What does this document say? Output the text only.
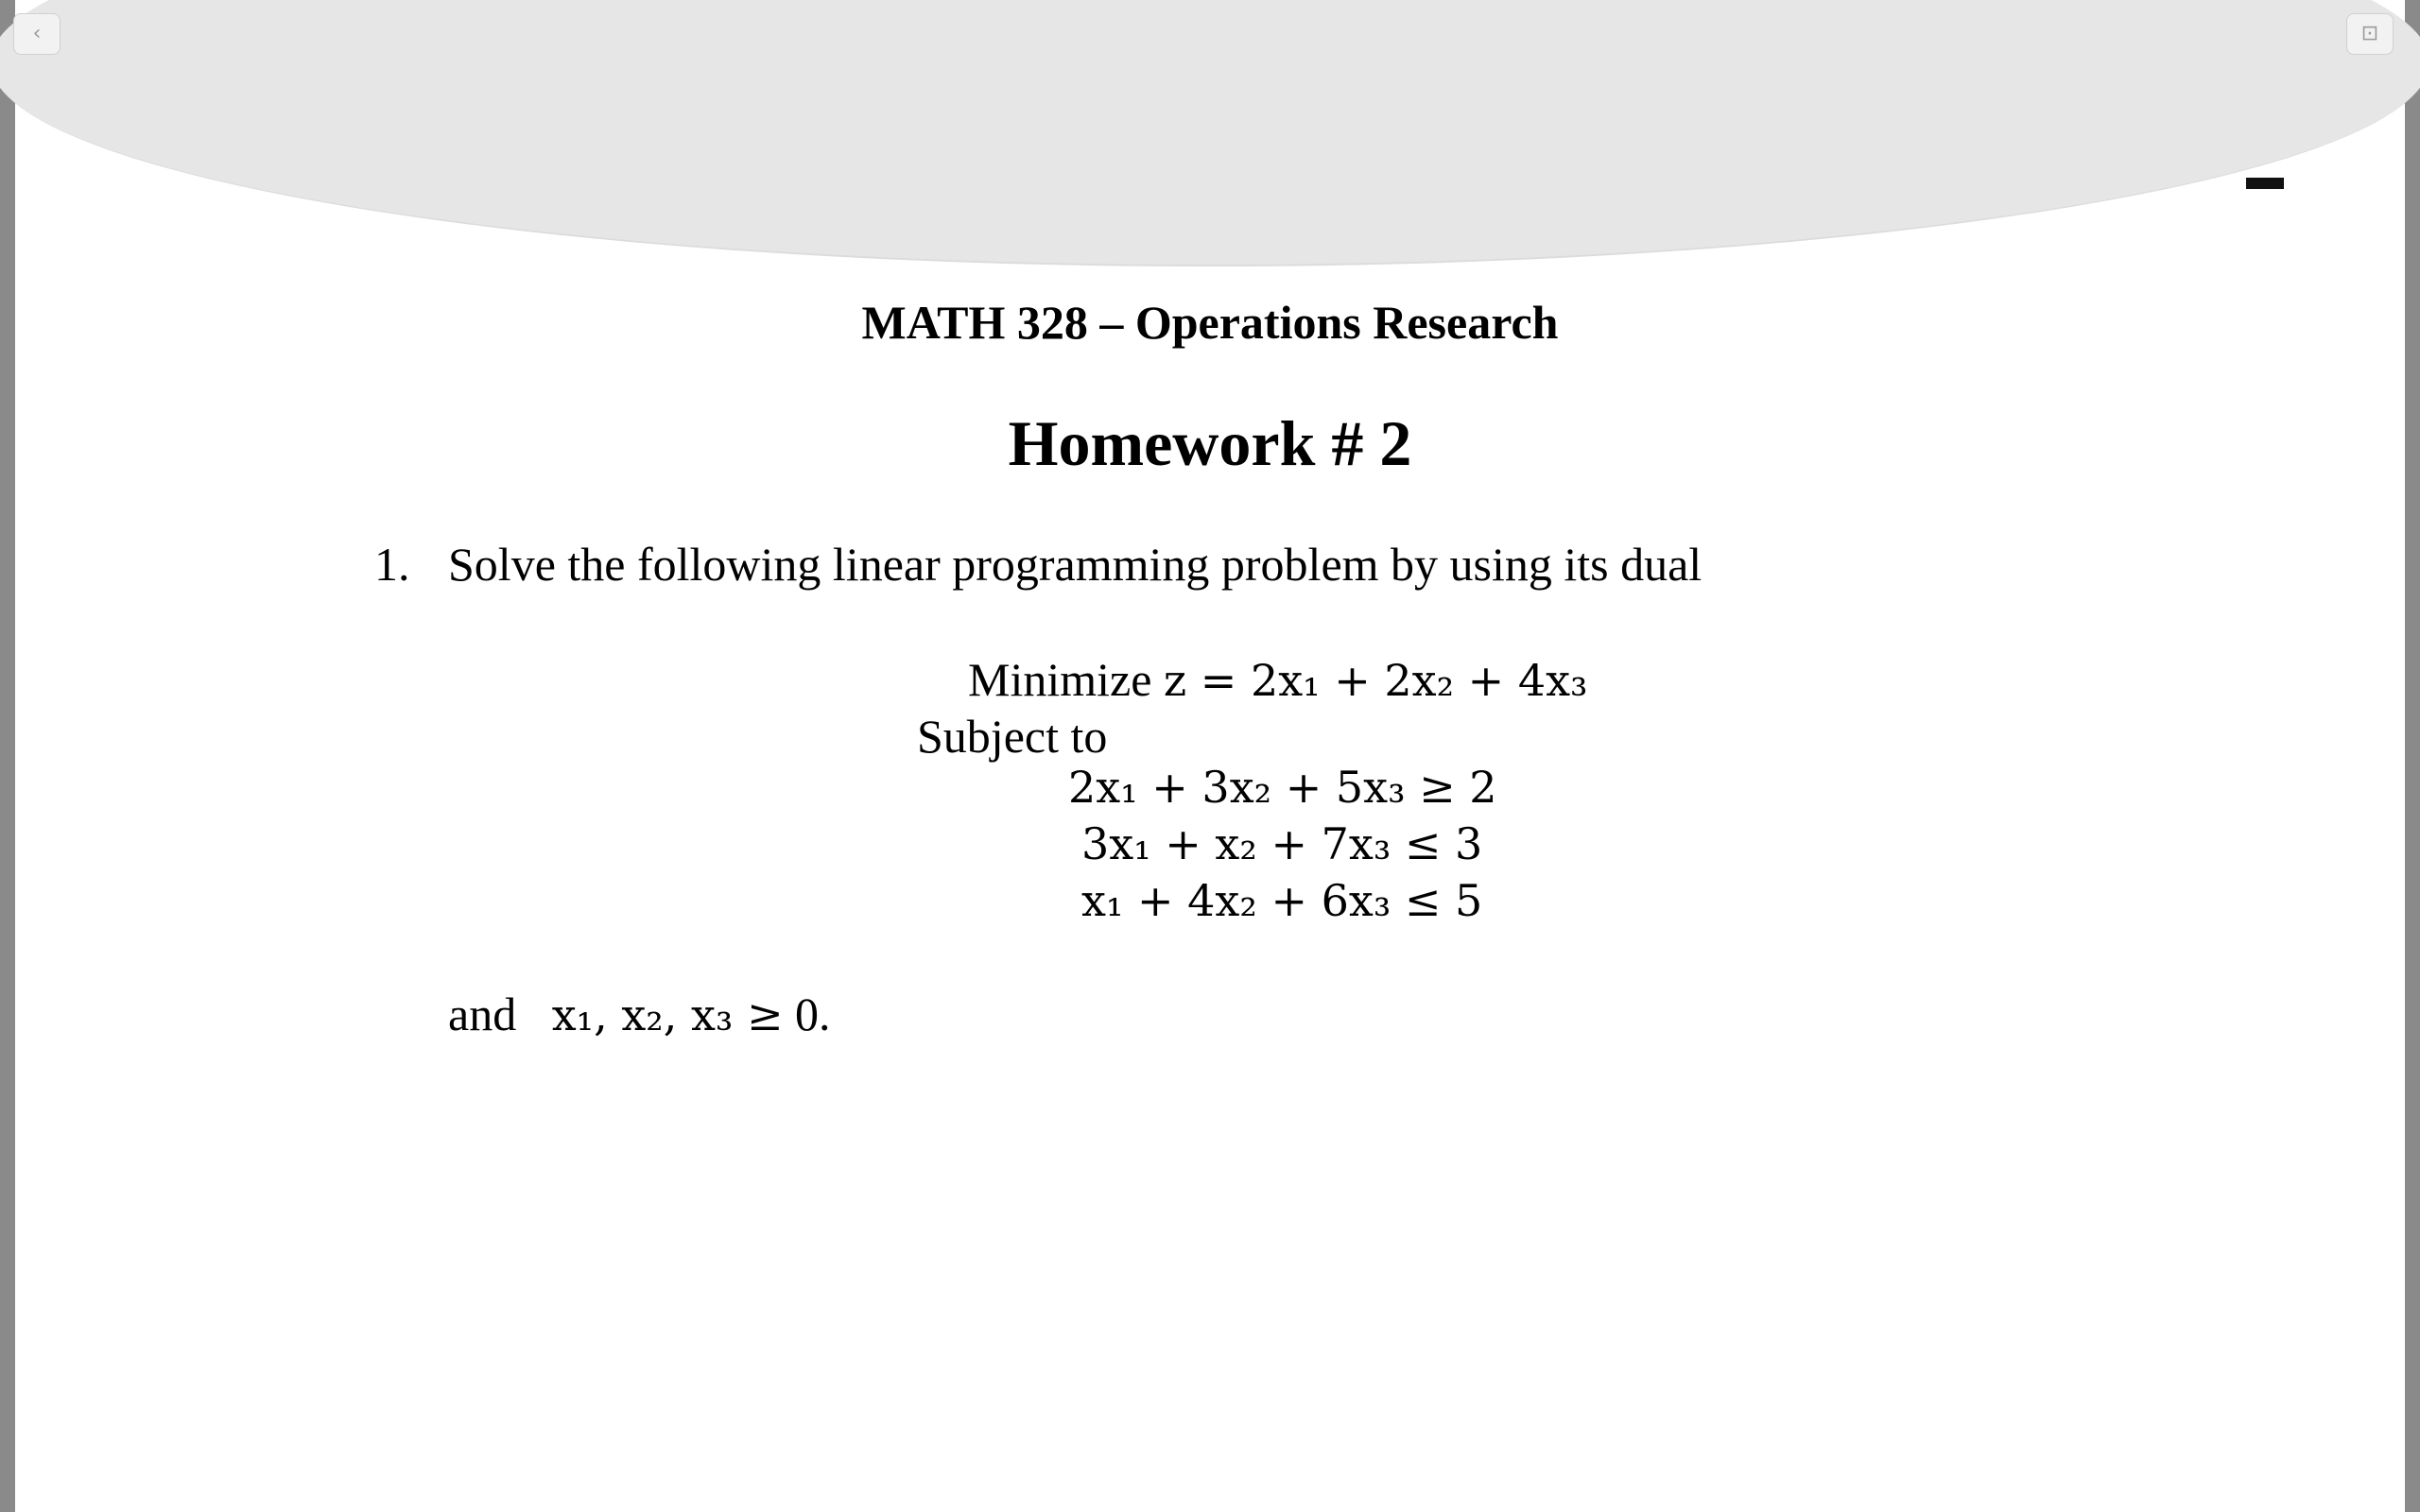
MATH 328 – Operations Research
Homework # 2
1. Solve the following linear programming problem by using its dual
Minimize z = 2x₁ + 2x₂ + 4x₃
Subject to
2x₁ + 3x₂ + 5x₃ ≥ 2
3x₁ + x₂ + 7x₃ ≤ 3
x₁ + 4x₂ + 6x₃ ≤ 5
and x₁, x₂, x₃ ≥ 0.
‹	⊡
